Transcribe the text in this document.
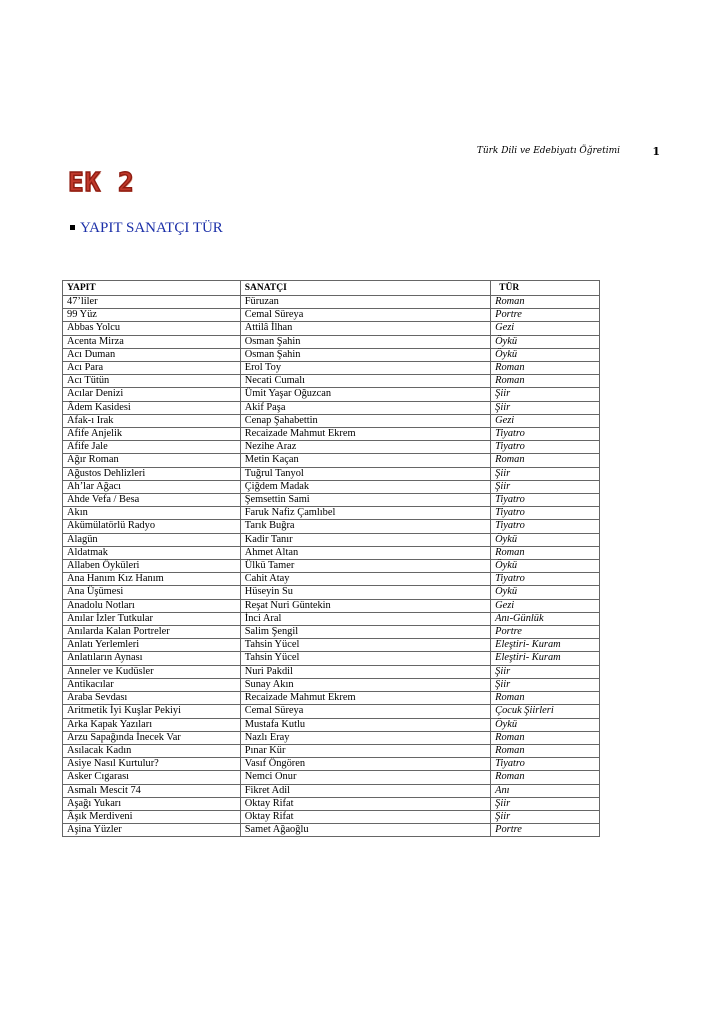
Türk Dili ve Edebiyatı Öğretimi	1
EK 2
YAPIT SANATÇI TÜR
YAPIT	SANATÇI	TÜR
47’liler	Füruzan	Roman
99 Yüz	Cemal Süreya	Portre
Abbas Yolcu	Attilâ İlhan	Gezi
Acenta Mirza	Osman Şahin	Öykü
Acı Duman	Osman Şahin	Öykü
Acı Para	Erol Toy	Roman
Acı Tütün	Necati Cumalı	Roman
Acılar Denizi	Ümit Yaşar Oğuzcan	Şiir
Âdem Kasidesi	Akif Paşa	Şiir
Afak-ı Irak	Cenap Şahabettin	Gezi
Afife Anjelik	Recaizade Mahmut Ekrem	Tiyatro
Afife Jale	Nezihe Araz	Tiyatro
Ağır Roman	Metin Kaçan	Roman
Ağustos Dehlizleri	Tuğrul Tanyol	Şiir
Ah’lar Ağacı	Çiğdem Madak	Şiir
Ahde Vefa / Besa	Şemsettin Sami	Tiyatro
Akın	Faruk Nafiz Çamlıbel	Tiyatro
Akümülatörlü Radyo	Tarık Buğra	Tiyatro
Alagün	Kadir Tanır	Öykü
Aldatmak	Ahmet Altan	Roman
Allaben Öyküleri	Ülkü Tamer	Öykü
Ana Hanım Kız Hanım	Cahit Atay	Tiyatro
Ana Üşümesi	Hüseyin Su	Öykü
Anadolu Notları	Reşat Nuri Güntekin	Gezi
Anılar İzler Tutkular	İnci Aral	Anı-Günlük
Anılarda Kalan Portreler	Salim Şengil	Portre
Anlatı Yerlemleri	Tahsin Yücel	Eleştiri- Kuram
Anlatıların Aynası	Tahsin Yücel	Eleştiri- Kuram
Anneler ve Kudüsler	Nuri Pakdil	Şiir
Antikacılar	Sunay Akın	Şiir
Araba Sevdası	Recaizade Mahmut Ekrem	Roman
Aritmetik İyi Kuşlar Pekiyi	Cemal Süreya	Çocuk Şiirleri
Arka Kapak Yazıları	Mustafa Kutlu	Öykü
Arzu Sapağında İnecek Var	Nazlı Eray	Roman
Asılacak Kadın	Pınar Kür	Roman
Asiye Nasıl Kurtulur?	Vasıf Öngören	Tiyatro
Asker Cıgarası	Nemci Onur	Roman
Asmalı Mescit 74	Fikret Adil	Anı
Aşağı Yukarı	Oktay Rifat	Şiir
Âşık Merdiveni	Oktay Rifat	Şiir
Aşina Yüzler	Samet Ağaoğlu	Portre
